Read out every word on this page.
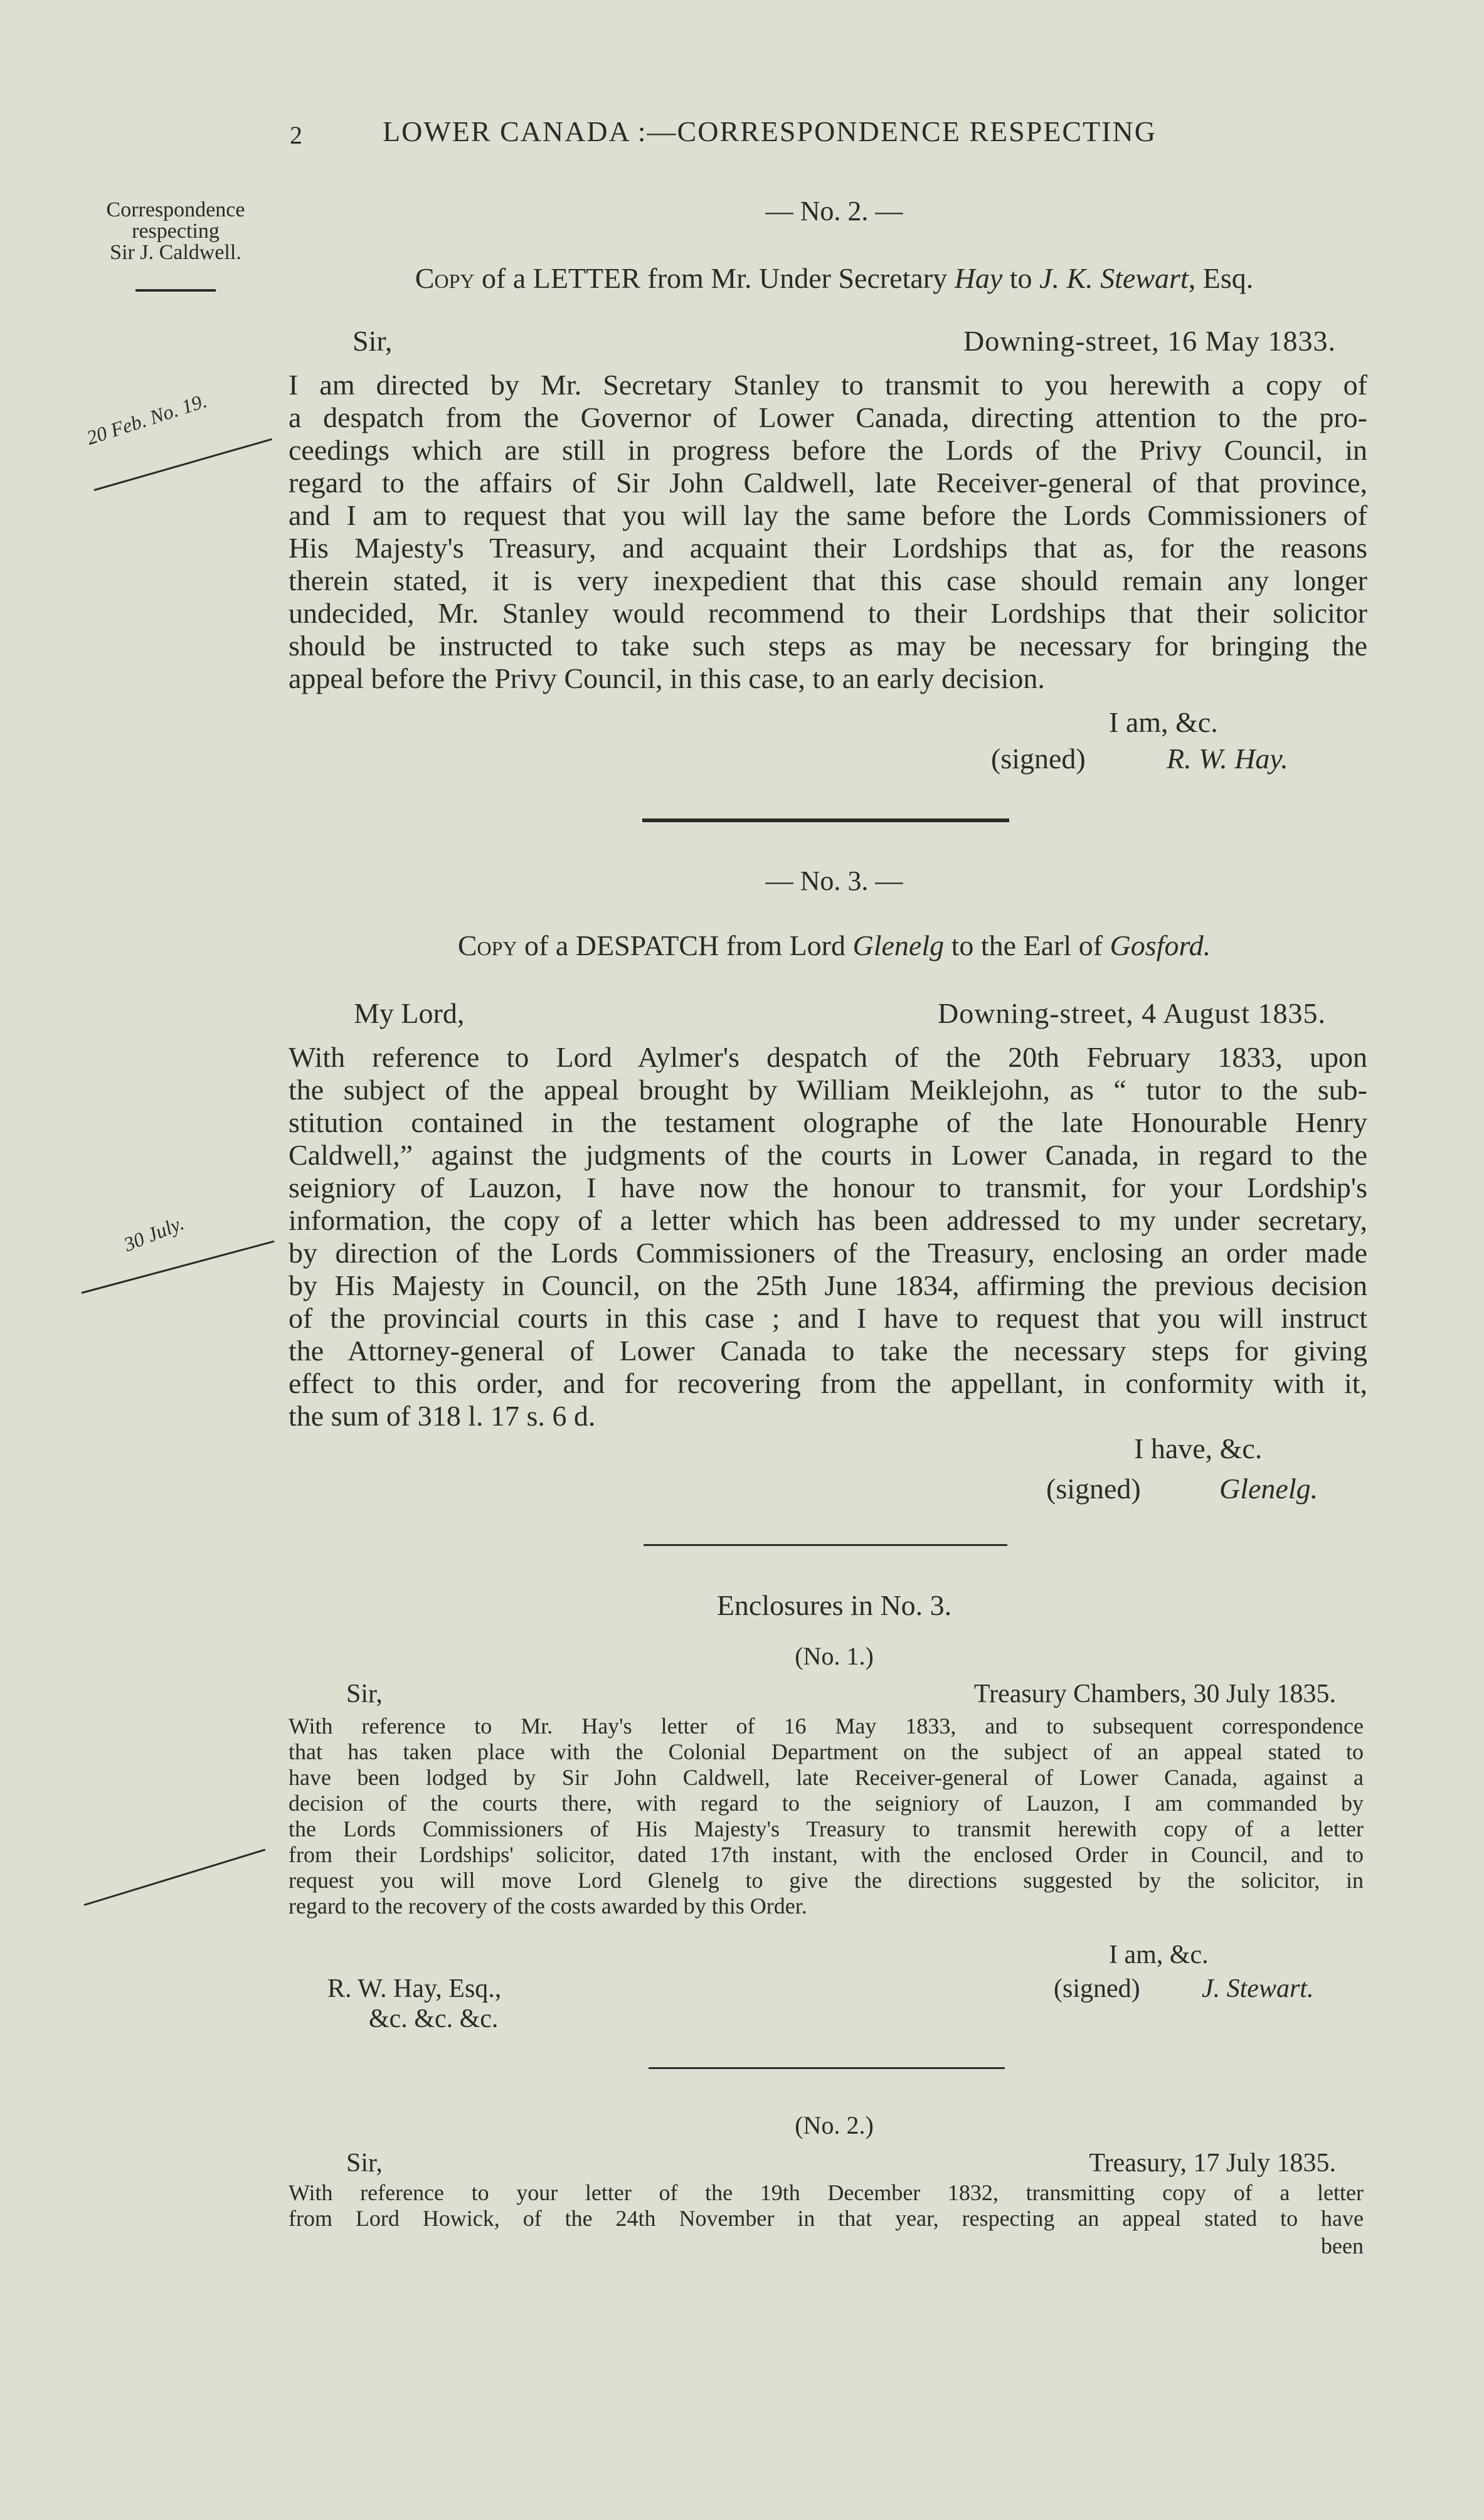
2	LOWER CANADA :—CORRESPONDENCE RESPECTING
Correspondence
respecting
Sir J. Caldwell.
20 Feb. No. 19.
— No. 2. —
Copy of a LETTER from Mr. Under Secretary Hay to J. K. Stewart, Esq.
Sir,	Downing-street, 16 May 1833.

I am directed by Mr. Secretary Stanley to transmit to you herewith a copy of

a despatch from the Governor of Lower Canada, directing attention to the pro-

ceedings which are still in progress before the Lords of the Privy Council, in

regard to the affairs of Sir John Caldwell, late Receiver-general of that province,

and I am to request that you will lay the same before the Lords Commissioners of

His Majesty's Treasury, and acquaint their Lordships that as, for the reasons

therein stated, it is very inexpedient that this case should remain any longer

undecided, Mr. Stanley would recommend to their Lordships that their solicitor

should be instructed to take such steps as may be necessary for bringing the

appeal before the Privy Council, in this case, to an early decision.

I am, &c.
(signed)	R. W. Hay.
— No. 3. —
Copy of a DESPATCH from Lord Glenelg to the Earl of Gosford.
My Lord,	Downing-street, 4 August 1835.
30 July.

With reference to Lord Aylmer's despatch of the 20th February 1833, upon

the subject of the appeal brought by William Meiklejohn, as “ tutor to the sub-

stitution contained in the testament olographe of the late Honourable Henry

Caldwell,” against the judgments of the courts in Lower Canada, in regard to the

seigniory of Lauzon, I have now the honour to transmit, for your Lordship's

information, the copy of a letter which has been addressed to my under secretary,

by direction of the Lords Commissioners of the Treasury, enclosing an order made

by His Majesty in Council, on the 25th June 1834, affirming the previous decision

of the provincial courts in this case ; and I have to request that you will instruct

the Attorney-general of Lower Canada to take the necessary steps for giving

effect to this order, and for recovering from the appellant, in conformity with it,

the sum of 318 l. 17 s. 6 d.

I have, &c.
(signed)	Glenelg.
Enclosures in No. 3.
(No. 1.)
Sir,	Treasury Chambers, 30 July 1835.
With reference to Mr. Hay's letter of 16 May 1833, and to subsequent correspondence
that has taken place with the Colonial Department on the subject of an appeal stated to
have been lodged by Sir John Caldwell, late Receiver-general of Lower Canada, against a
decision of the courts there, with regard to the seigniory of Lauzon, I am commanded by
the Lords Commissioners of His Majesty's Treasury to transmit herewith copy of a letter
from their Lordships' solicitor, dated 17th instant, with the enclosed Order in Council, and to
request you will move Lord Glenelg to give the directions suggested by the solicitor, in
regard to the recovery of the costs awarded by this Order.
I am, &c.
R. W. Hay, Esq.,
&c. &c. &c.
(signed) J. Stewart.
(No. 2.)
Sir,	Treasury, 17 July 1835.
With reference to your letter of the 19th December 1832, transmitting copy of a letter
from Lord Howick, of the 24th November in that year, respecting an appeal stated to have
been
